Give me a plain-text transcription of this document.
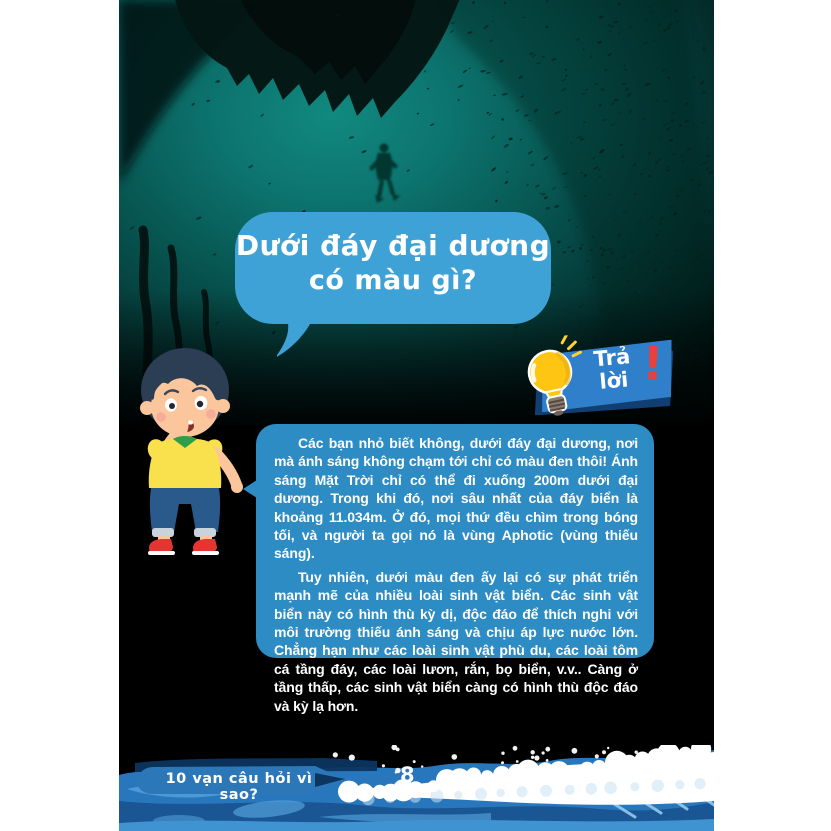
Dưới đáy đại dương
có màu gì?
Trả
lời !

Các bạn nhỏ biết không, dưới đáy đại dương, nơi mà ánh sáng không chạm tới chỉ có màu đen thôi! Ánh sáng Mặt Trời chỉ có thể đi xuống 200m dưới đại dương. Trong khi đó, nơi sâu nhất của đáy biển là khoảng 11.034m. Ở đó, mọi thứ đều chìm trong bóng tối, và người ta gọi nó là vùng Aphotic (vùng thiếu sáng).

Tuy nhiên, dưới màu đen ấy lại có sự phát triển mạnh mẽ của nhiều loài sinh vật biển. Các sinh vật biển này có hình thù kỳ dị, độc đáo để thích nghi với môi trường thiếu ánh sáng và chịu áp lực nước lớn. Chẳng hạn như các loài sinh vật phù du, các loài tôm cá tầng đáy, các loài lươn, rắn, bọ biển, v.v.. Càng ở tầng thấp, các sinh vật biển càng có hình thù độc đáo và kỳ lạ hơn.

10 vạn câu hỏi vì sao?
8
